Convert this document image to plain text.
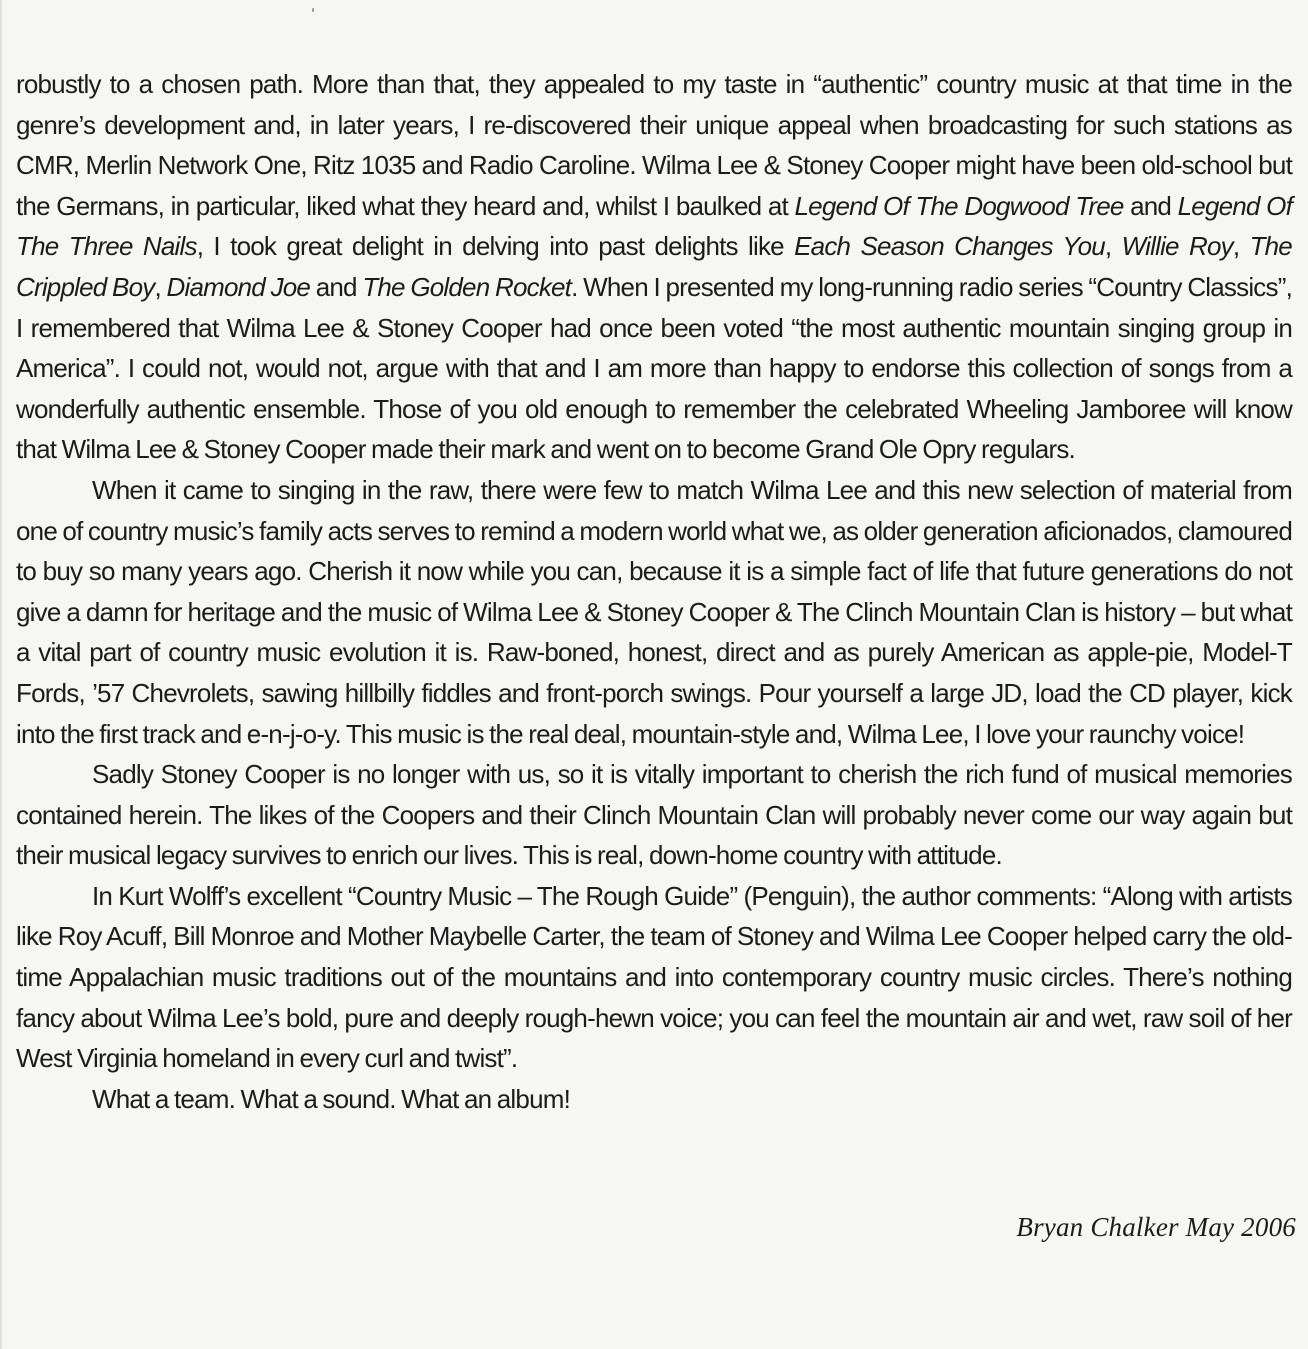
robustly to a chosen path. More than that, they appealed to my taste in “authentic” country music at that time in the genre’s development and, in later years, I re-discovered their unique appeal when broadcasting for such stations as CMR, Merlin Network One, Ritz 1035 and Radio Caroline. Wilma Lee & Stoney Cooper might have been old-school but the Germans, in particular, liked what they heard and, whilst I baulked at Legend Of The Dogwood Tree and Legend Of The Three Nails, I took great delight in delving into past delights like Each Season Changes You, Willie Roy, The Crippled Boy, Diamond Joe and The Golden Rocket. When I presented my long-running radio series “Country Classics”, I remembered that Wilma Lee & Stoney Cooper had once been voted “the most authentic mountain singing group in America”. I could not, would not, argue with that and I am more than happy to endorse this collection of songs from a wonderfully authentic ensemble. Those of you old enough to remember the celebrated Wheeling Jamboree will know that Wilma Lee & Stoney Cooper made their mark and went on to become Grand Ole Opry regulars.

When it came to singing in the raw, there were few to match Wilma Lee and this new selection of material from one of country music’s family acts serves to remind a modern world what we, as older generation aficionados, clamoured to buy so many years ago. Cherish it now while you can, because it is a simple fact of life that future generations do not give a damn for heritage and the music of Wilma Lee & Stoney Cooper & The Clinch Mountain Clan is history – but what a vital part of country music evolution it is. Raw-boned, honest, direct and as purely American as apple-pie, Model-T Fords, ’57 Chevrolets, sawing hillbilly fiddles and front-porch swings. Pour yourself a large JD, load the CD player, kick into the first track and e-n-j-o-y. This music is the real deal, mountain-style and, Wilma Lee, I love your raunchy voice!

Sadly Stoney Cooper is no longer with us, so it is vitally important to cherish the rich fund of musical memories contained herein. The likes of the Coopers and their Clinch Mountain Clan will probably never come our way again but their musical legacy survives to enrich our lives. This is real, down-home country with attitude.

In Kurt Wolff’s excellent “Country Music – The Rough Guide” (Penguin), the author comments: “Along with artists like Roy Acuff, Bill Monroe and Mother Maybelle Carter, the team of Stoney and Wilma Lee Cooper helped carry the old-time Appalachian music traditions out of the mountains and into contemporary country music circles. There’s nothing fancy about Wilma Lee’s bold, pure and deeply rough-hewn voice; you can feel the mountain air and wet, raw soil of her West Virginia homeland in every curl and twist”.

What a team. What a sound. What an album!

Bryan Chalker May 2006
